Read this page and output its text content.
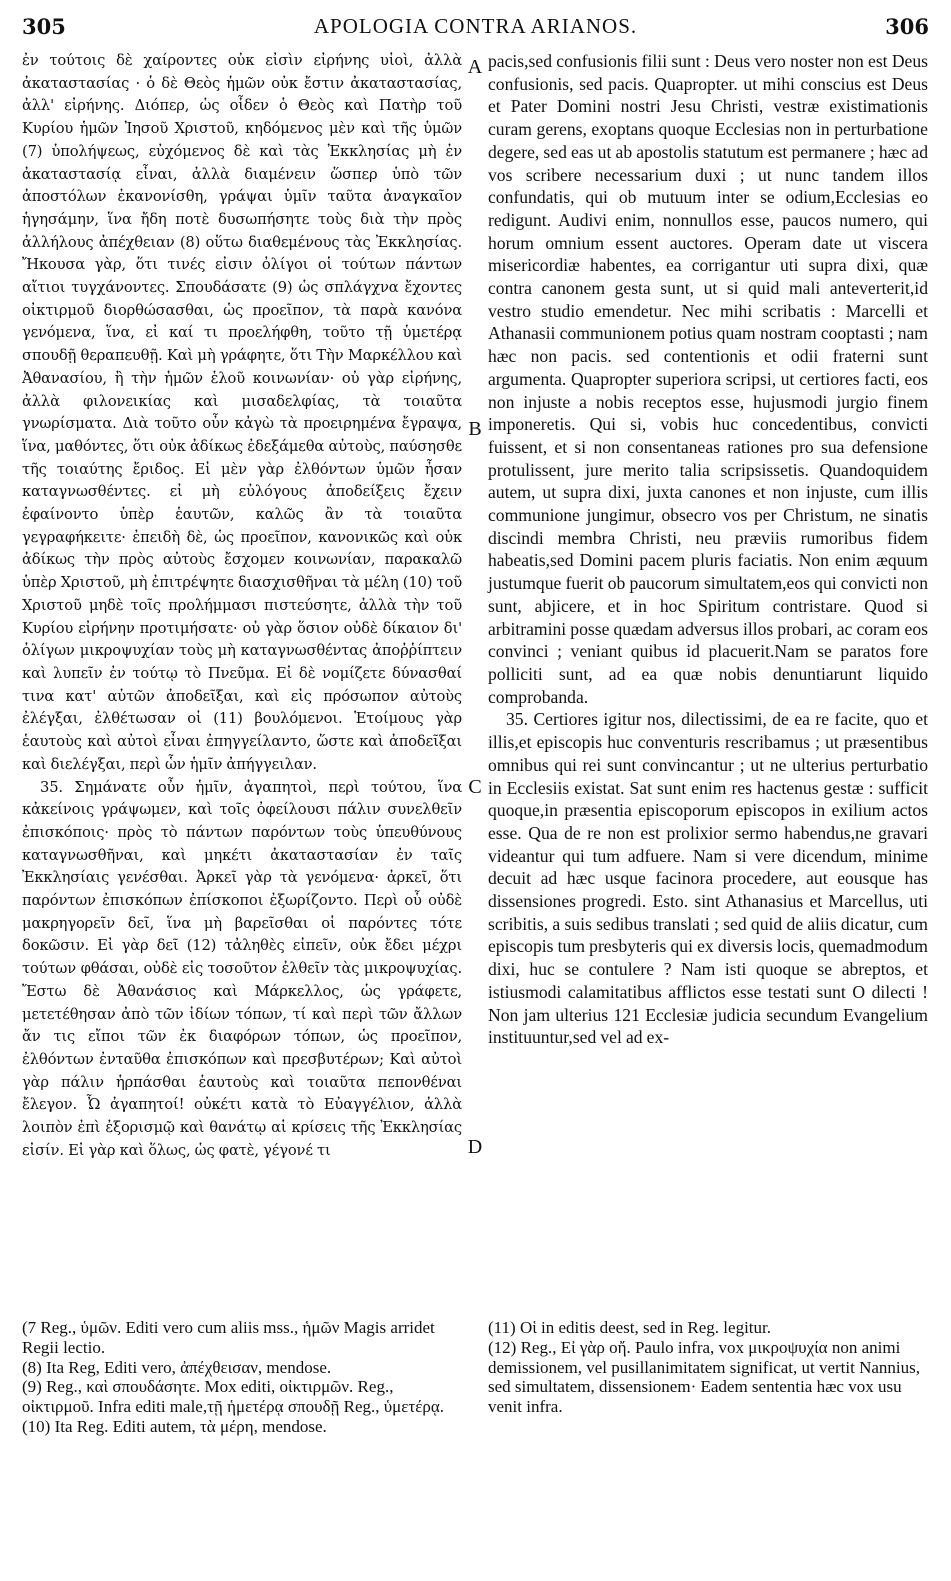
305	APOLOGIA CONTRA ARIANOS.	306

ἐν τούτοις δὲ χαίροντες οὐκ εἰσὶν εἰρήνης υἱοὶ, ἀλλὰ ἀκαταστασίας · ὁ δὲ Θεὸς ἡμῶν οὐκ ἔστιν ἀκαταστασίας, ἀλλ' εἰρήνης. Διόπερ, ὡς οἶδεν ὁ Θεὸς καὶ Πατὴρ τοῦ Κυρίου ἡμῶν Ἰησοῦ Χριστοῦ, κηδόμενος μὲν καὶ τῆς ὑμῶν (7) ὑπολήψεως, εὐχόμενος δὲ καὶ τὰς Ἐκκλησίας μὴ ἐν ἀκαταστασίᾳ εἶναι, ἀλλὰ διαμένειν ὥσπερ ὑπὸ τῶν ἀποστόλων ἐκανονίσθη, γράψαι ὑμῖν ταῦτα ἀναγκαῖον ἡγησάμην, ἵνα ἤδη ποτὲ δυσωπήσητε τοὺς διὰ τὴν πρὸς ἀλλήλους ἀπέχθειαν (8) οὕτω διαθεμένους τὰς Ἐκκλησίας. Ἤκουσα γὰρ, ὅτι τινές εἰσιν ὀλίγοι οἱ τούτων πάντων αἴτιοι τυγχάνοντες. Σπουδάσατε (9) ὡς σπλάγχνα ἔχοντες οἰκτιρμοῦ διορθώσασθαι, ὡς προεῖπον, τὰ παρὰ κανόνα γενόμενα, ἵνα, εἰ καί τι προελήφθη, τοῦτο τῇ ὑμετέρᾳ σπουδῇ θεραπευθῇ. Καὶ μὴ γράφητε, ὅτι Τὴν Μαρκέλλου καὶ Ἀθανασίου, ἢ τὴν ἡμῶν ἑλοῦ κοινωνίαν· οὐ γὰρ εἰρήνης, ἀλλὰ φιλονεικίας καὶ μισαδελφίας, τὰ τοιαῦτα γνωρίσματα. Διὰ τοῦτο οὖν κἀγὼ τὰ προειρημένα ἔγραψα, ἵνα, μαθόντες, ὅτι οὐκ ἀδίκως ἐδεξάμεθα αὐτοὺς, παύσησθε τῆς τοιαύτης ἔριδος. Εἰ μὲν γὰρ ἐλθόντων ὑμῶν ἦσαν καταγνωσθέντες. εἰ μὴ εὐλόγους ἀποδείξεις ἔχειν ἐφαίνοντο ὑπὲρ ἑαυτῶν, καλῶς ἂν τὰ τοιαῦτα γεγραφήκειτε· ἐπειδὴ δὲ, ὡς προεῖπον, κανονικῶς καὶ οὐκ ἀδίκως τὴν πρὸς αὐτοὺς ἔσχομεν κοινωνίαν, παρακαλῶ ὑπὲρ Χριστοῦ, μὴ ἐπιτρέψητε διασχισθῆναι τὰ μέλη (10) τοῦ Χριστοῦ μηδὲ τοῖς προλήμμασι πιστεύσητε, ἀλλὰ τὴν τοῦ Κυρίου εἰρήνην προτιμήσατε· οὐ γὰρ ὅσιον οὐδὲ δίκαιον δι' ὀλίγων μικροψυχίαν τοὺς μὴ καταγνωσθέντας ἀποῤῥίπτειν καὶ λυπεῖν ἐν τούτῳ τὸ Πνεῦμα. Εἰ δὲ νομίζετε δύνασθαί τινα κατ' αὐτῶν ἀποδεῖξαι, καὶ εἰς πρόσωπον αὐτοὺς ἐλέγξαι, ἐλθέτωσαν οἱ (11) βουλόμενοι. Ἑτοίμους γὰρ ἑαυτοὺς καὶ αὐτοὶ εἶναι ἐπηγγείλαντο, ὥστε καὶ ἀποδεῖξαι καὶ διελέγξαι, περὶ ὧν ἡμῖν ἀπήγγειλαν.

35. Σημάνατε οὖν ἡμῖν, ἀγαπητοὶ, περὶ τούτου, ἵνα κἀκείνοις γράψωμεν, καὶ τοῖς ὀφείλουσι πάλιν συνελθεῖν ἐπισκόποις· πρὸς τὸ πάντων παρόντων τοὺς ὑπευθύνους καταγνωσθῆναι, καὶ μηκέτι ἀκαταστασίαν ἐν ταῖς Ἐκκλησίαις γενέσθαι. Ἀρκεῖ γὰρ τὰ γενόμενα· ἀρκεῖ, ὅτι παρόντων ἐπισκόπων ἐπίσκοποι ἐξωρίζοντο. Περὶ οὗ οὐδὲ μακρηγορεῖν δεῖ, ἵνα μὴ βαρεῖσθαι οἱ παρόντες τότε δοκῶσιν. Εἰ γὰρ δεῖ (12) τἀληθὲς εἰπεῖν, οὐκ ἔδει μέχρι τούτων φθάσαι, οὐδὲ εἰς τοσοῦτον ἐλθεῖν τὰς μικροψυχίας. Ἔστω δὲ Ἀθανάσιος καὶ Μάρκελλος, ὡς γράφετε, μετετέθησαν ἀπὸ τῶν ἰδίων τόπων, τί καὶ περὶ τῶν ἄλλων ἄν τις εἴποι τῶν ἐκ διαφόρων τόπων, ὡς προεῖπον, ἐλθόντων ἐνταῦθα ἐπισκόπων καὶ πρεσβυτέρων; Καὶ αὐτοὶ γὰρ πάλιν ἡρπάσθαι ἑαυτοὺς καὶ τοιαῦτα πεπονθέναι ἔλεγον. Ὦ ἀγαπητοί! οὐκέτι κατὰ τὸ Εὐαγγέλιον, ἀλλὰ λοιπὸν ἐπὶ ἐξορισμῷ καὶ θανάτῳ αἱ κρίσεις τῆς Ἐκκλησίας εἰσίν. Εἰ γὰρ καὶ ὅλως, ὡς φατὲ, γέγονέ τι

A
B
C
D

pacis,sed confusionis filii sunt : Deus vero noster non est Deus confusionis, sed pacis. Quapropter. ut mihi conscius est Deus et Pater Domini nostri Jesu Christi, vestræ existimationis curam gerens, exoptans quoque Ecclesias non in perturbatione degere, sed eas ut ab apostolis statutum est permanere ; hæc ad vos scribere necessarium duxi ; ut nunc tandem illos confundatis, qui ob mutuum inter se odium,Ecclesias eo redigunt. Audivi enim, nonnullos esse, paucos numero, qui horum omnium essent auctores. Operam date ut viscera misericordiæ habentes, ea corrigantur uti supra dixi, quæ contra canonem gesta sunt, ut si quid mali anteverterit,id vestro studio emendetur. Nec mihi scribatis : Marcelli et Athanasii communionem potius quam nostram cooptasti ; nam hæc non pacis. sed contentionis et odii fraterni sunt argumenta. Quapropter superiora scripsi, ut certiores facti, eos non injuste a nobis receptos esse, hujusmodi jurgio finem imponeretis. Qui si, vobis huc concedentibus, convicti fuissent, et si non consentaneas rationes pro sua defensione protulissent, jure merito talia scripsissetis. Quandoquidem autem, ut supra dixi, juxta canones et non injuste, cum illis communione jungimur, obsecro vos per Christum, ne sinatis discindi membra Christi, neu præviis rumoribus fidem habeatis,sed Domini pacem pluris faciatis. Non enim æquum justumque fuerit ob paucorum simultatem,eos qui convicti non sunt, abjicere, et in hoc Spiritum contristare. Quod si arbitramini posse quædam adversus illos probari, ac coram eos convinci ; veniant quibus id placuerit.Nam se paratos fore polliciti sunt, ad ea quæ nobis denuntiarunt liquido comprobanda.

35. Certiores igitur nos, dilectissimi, de ea re facite, quo et illis,et episcopis huc conventuris rescribamus ; ut præsentibus omnibus qui rei sunt convincantur ; ut ne ulterius perturbatio in Ecclesiis existat. Sat sunt enim res hactenus gestæ : sufficit quoque,in præsentia episcoporum episcopos in exilium actos esse. Qua de re non est prolixior sermo habendus,ne gravari videantur qui tum adfuere. Nam si vere dicendum, minime decuit ad hæc usque facinora procedere, aut eousque has dissensiones progredi. Esto. sint Athanasius et Marcellus, uti scribitis, a suis sedibus translati ; sed quid de aliis dicatur, cum episcopis tum presbyteris qui ex diversis locis, quemadmodum dixi, huc se contulere ? Nam isti quoque se abreptos, et istiusmodi calamitatibus afflictos esse testati sunt O dilecti ! Non jam ulterius 121 Ecclesiæ judicia secundum Evangelium instituuntur,sed vel ad ex-

(7 Reg., ὑμῶν. Editi vero cum aliis mss., ἡμῶν Magis arridet Regii lectio.

(8) Ita Reg, Editi vero, ἀπέχθεισαν, mendose.

(9) Reg., καὶ σπουδάσητε. Mox editi, οἰκτιρμῶν. Reg., οἰκτιρμοῦ. Infra editi male,τῇ ἡμετέρᾳ σπουδῇ Reg., ὑμετέρᾳ.

(10) Ita Reg. Editi autem, τὰ μέρη, mendose.

(11) Οἱ in editis deest, sed in Reg. legitur.

(12) Reg., Εἰ γὰρ οἤ. Paulo infra, vox μικροψυχία non animi demissionem, vel pusillanimitatem significat, ut vertit Nannius, sed simultatem, dissensionem· Eadem sententia hæc vox usu venit infra.
